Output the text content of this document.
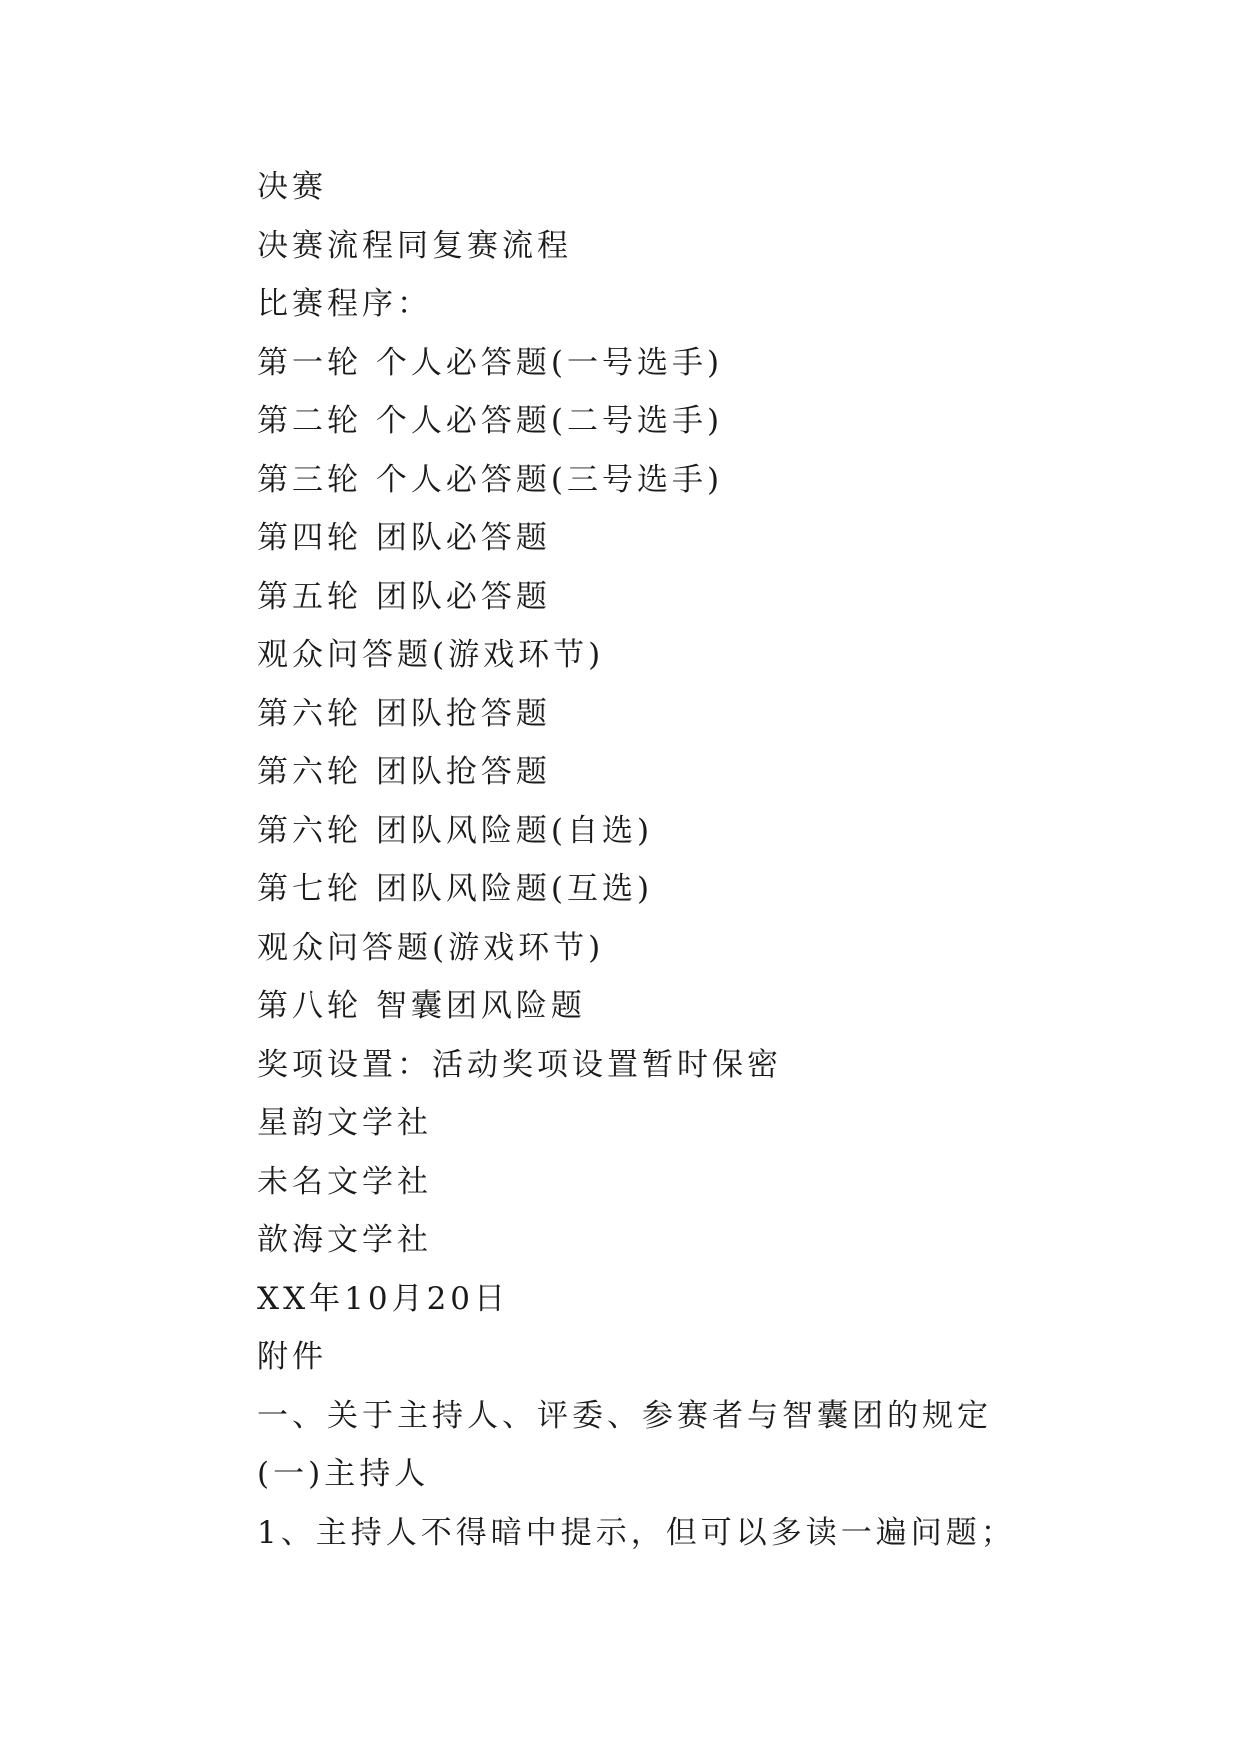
决赛
决赛流程同复赛流程
比赛程序：
第一轮 个人必答题(一号选手)
第二轮 个人必答题(二号选手)
第三轮 个人必答题(三号选手)
第四轮 团队必答题
第五轮 团队必答题
观众问答题(游戏环节)
第六轮 团队抢答题
第六轮 团队抢答题
第六轮 团队风险题(自选)
第七轮 团队风险题(互选)
观众问答题(游戏环节)
第八轮 智囊团风险题
奖项设置：活动奖项设置暂时保密
星韵文学社
未名文学社
歆海文学社
XX年10月20日
附件
一、关于主持人、评委、参赛者与智囊团的规定
(一)主持人
1、主持人不得暗中提示，但可以多读一遍问题；
